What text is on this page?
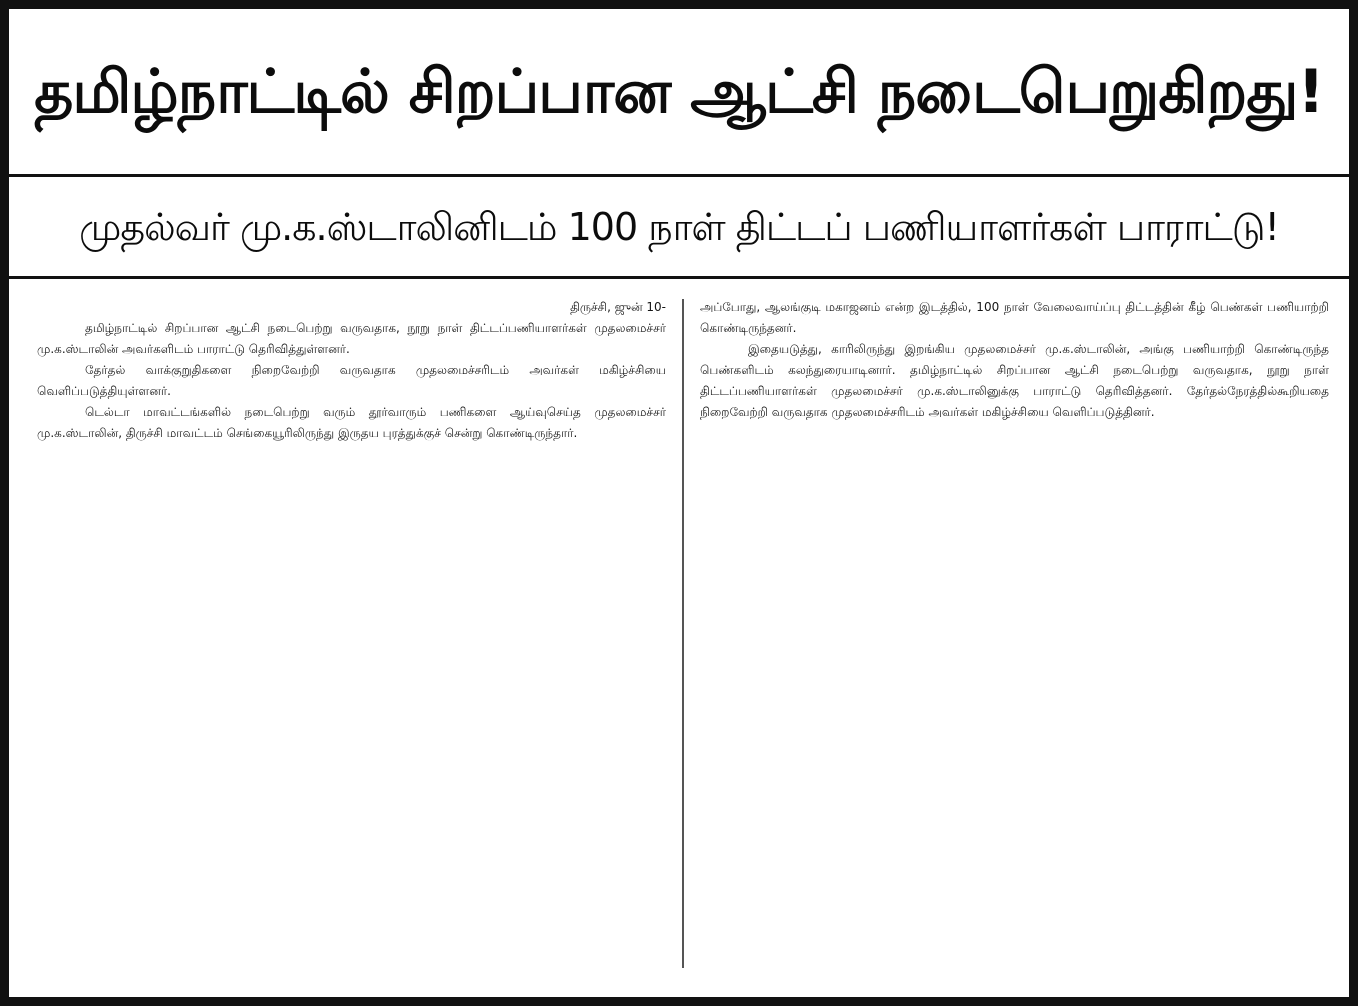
தமிழ்நாட்டில் சிறப்பான ஆட்சி நடைபெறுகிறது!
முதல்வர் மு.க.ஸ்டாலினிடம் 100 நாள் திட்டப் பணியாளர்கள் பாராட்டு!

திருச்சி, ஜுன் 10-

தமிழ்நாட்டில் சிறப்பான ஆட்சி நடைபெற்று வருவதாக, நூறு நாள் திட்டப்பணியாளர்கள் முதலமைச்சர் மு.க.ஸ்டாலின் அவர்களிடம் பாராட்டு தெரிவித்துள்ளனர்.

தேர்தல் வாக்குறுதிகளை நிறைவேற்றி வருவதாக முதலமைச்சரிடம் அவர்கள் மகிழ்ச்சியை வெளிப்படுத்தியுள்ளனர்.

டெல்டா மாவட்டங்களில் நடைபெற்று வரும் தூர்வாரும் பணிகளை ஆய்வுசெய்த முதலமைச்சர் மு.க.ஸ்டாலின், திருச்சி மாவட்டம் செங்கையூரிலிருந்து இருதய புரத்துக்குச் சென்று கொண்டிருந்தார்.

அப்போது, ஆலங்குடி மகாஜனம் என்ற இடத்தில், 100 நாள் வேலைவாய்ப்பு திட்டத்தின் கீழ் பெண்கள் பணியாற்றி கொண்டிருந்தனர்.

இதையடுத்து, காரிலிருந்து இறங்கிய முதலமைச்சர் மு.க.ஸ்டாலின், அங்கு பணியாற்றி கொண்டிருந்த பெண்களிடம் கலந்துரையாடினார். தமிழ்நாட்டில் சிறப்பான ஆட்சி நடைபெற்று வருவதாக, நூறு நாள் திட்டப்பணியாளர்கள் முதலமைச்சர் மு.க.ஸ்டாலினுக்கு பாராட்டு தெரிவித்தனர். தேர்தல்நேரத்தில்கூறியதை நிறைவேற்றி வருவதாக முதலமைச்சரிடம் அவர்கள் மகிழ்ச்சியை வெளிப்படுத்தினர்.
